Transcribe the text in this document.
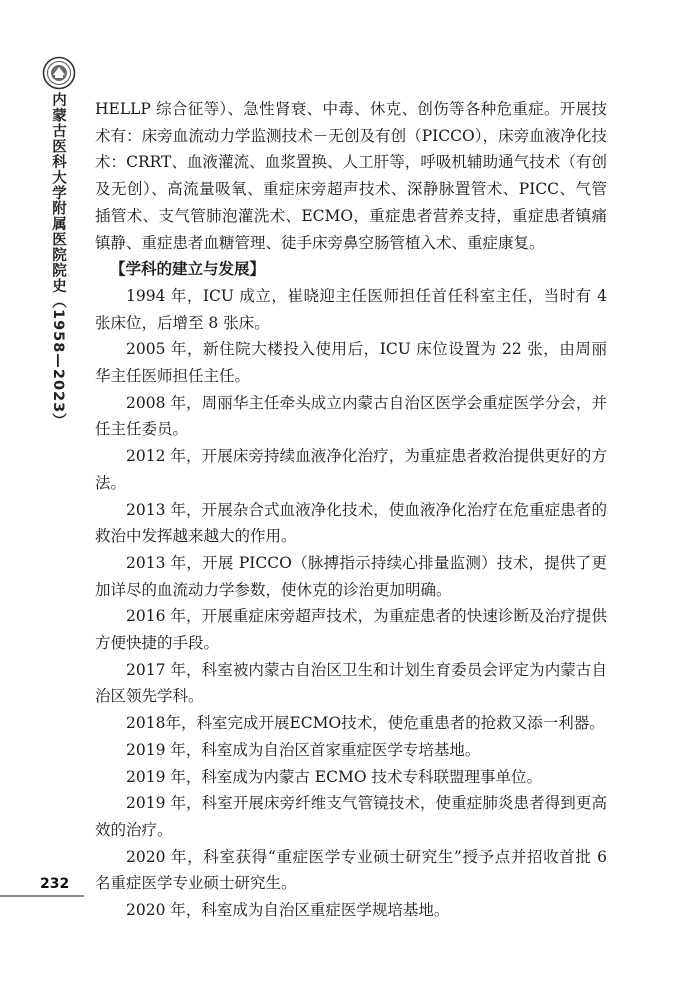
内蒙古医科大学附属医院院史（1958—2023）	HELLP 综合征等）、急性肾衰、中毒、休克、创伤等各种危重症。开展技术有：床旁血流动力学监测技术－无创及有创（PICCO），床旁血液净化技术：CRRT、血液灌流、血浆置换、人工肝等，呼吸机辅助通气技术（有创及无创）、高流量吸氧、重症床旁超声技术、深静脉置管术、PICC、气管插管术、支气管肺泡灌洗术、ECMO，重症患者营养支持，重症患者镇痛镇静、重症患者血糖管理、徒手床旁鼻空肠管植入术、重症康复。

【学科的建立与发展】

1994 年，ICU 成立，崔晓迎主任医师担任首任科室主任，当时有 4 张床位，后增至 8 张床。

2005 年，新住院大楼投入使用后，ICU 床位设置为 22 张，由周丽华主任医师担任主任。

2008 年，周丽华主任牵头成立内蒙古自治区医学会重症医学分会，并任主任委员。

2012 年，开展床旁持续血液净化治疗，为重症患者救治提供更好的方法。

2013 年，开展杂合式血液净化技术，使血液净化治疗在危重症患者的救治中发挥越来越大的作用。

2013 年，开展 PICCO（脉搏指示持续心排量监测）技术，提供了更加详尽的血流动力学参数，使休克的诊治更加明确。

2016 年，开展重症床旁超声技术，为重症患者的快速诊断及治疗提供方便快捷的手段。

2017 年，科室被内蒙古自治区卫生和计划生育委员会评定为内蒙古自治区领先学科。

2018年，科室完成开展ECMO技术，使危重患者的抢救又添一利器。

2019 年，科室成为自治区首家重症医学专培基地。

2019 年，科室成为内蒙古 ECMO 技术专科联盟理事单位。

2019 年，科室开展床旁纤维支气管镜技术，使重症肺炎患者得到更高效的治疗。

2020 年，科室获得“重症医学专业硕士研究生”授予点并招收首批 6 名重症医学专业硕士研究生。

2020 年，科室成为自治区重症医学规培基地。

232
